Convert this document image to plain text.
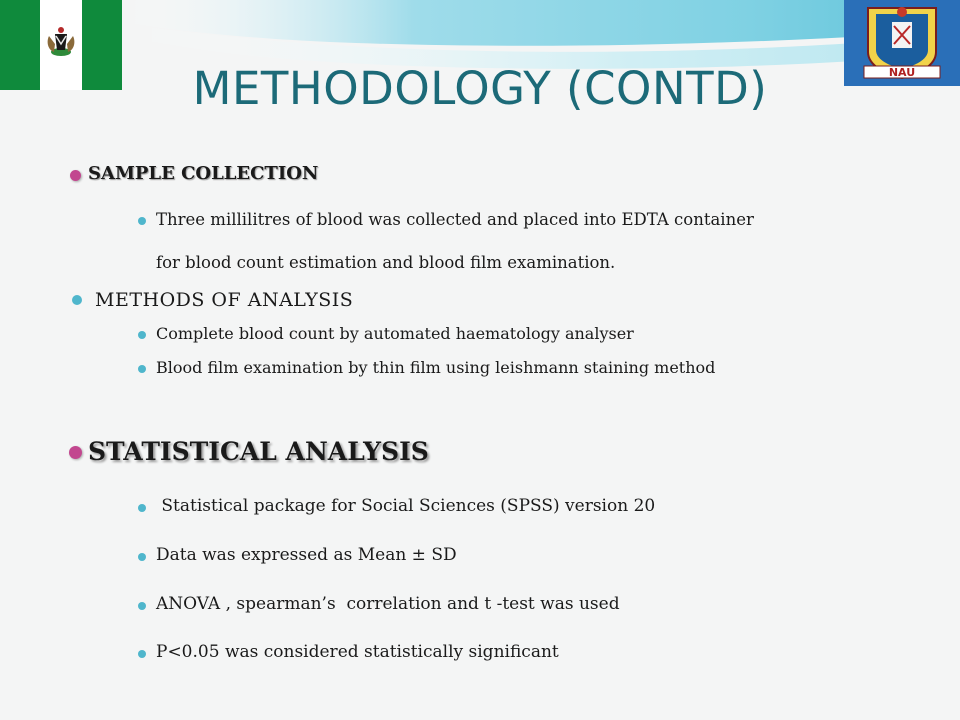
NAU
METHODOLOGY (CONTD)
SAMPLE COLLECTION
Three millilitres of blood was collected and placed into EDTA container
for blood count estimation and blood film examination.
METHODS OF ANALYSIS
Complete blood count by automated haematology analyser
Blood film examination by thin film using leishmann staining method
STATISTICAL ANALYSIS
Statistical package for Social Sciences (SPSS) version 20
Data was expressed as Mean ± SD
ANOVA , spearman’s  correlation and t -test was used
P<0.05 was considered statistically significant
